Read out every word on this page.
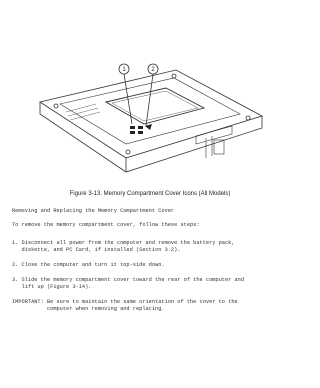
1	2
Figure 3-13. Memory Compartment Cover Icons (All Models)

Removing and Replacing the Memory Compartment Cover

To remove the memory compartment cover, follow these steps:

1. Disconnect all power from the computer and remove the battery pack,

diskette, and PC Card, if installed (Section 3.2).

2. Close the computer and turn it top-side down.

3. Slide the memory compartment cover toward the rear of the computer and

lift up (Figure 3-14).

IMPORTANT: Be sure to maintain the same orientation of the cover to the

computer when removing and replacing.
